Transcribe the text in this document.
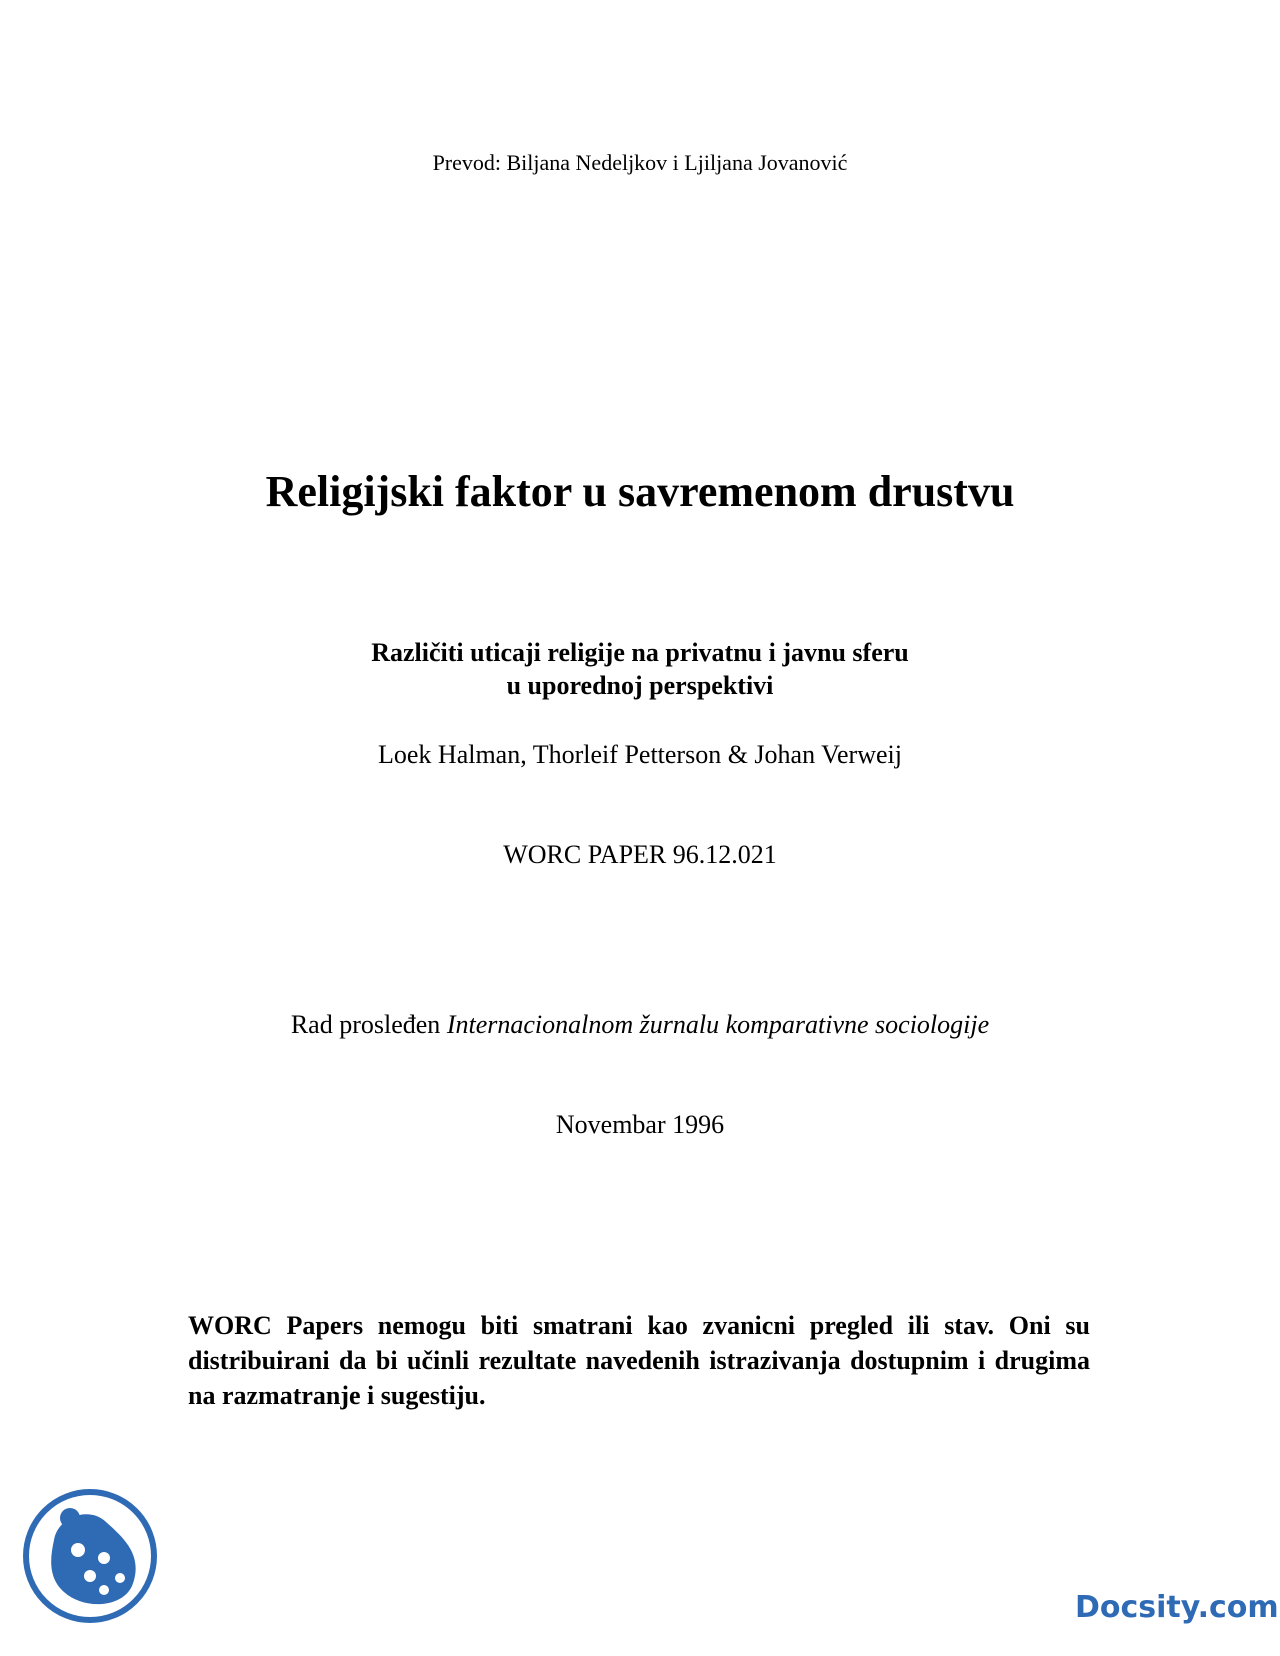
Prevod: Biljana Nedeljkov i Ljiljana Jovanović
Religijski faktor u savremenom drustvu
Različiti uticaji religije na privatnu i javnu sferu
u uporednoj perspektivi
Loek Halman, Thorleif Petterson & Johan Verweij
WORC PAPER 96.12.021
Rad prosleđen Internacionalnom žurnalu komparativne sociologije
Novembar 1996
WORC Papers nemogu biti smatrani kao zvanicni pregled ili stav. Oni su distribuirani da bi učinli rezultate navedenih istrazivanja dostupnim i drugima na razmatranje i sugestiju.
Docsity.com
